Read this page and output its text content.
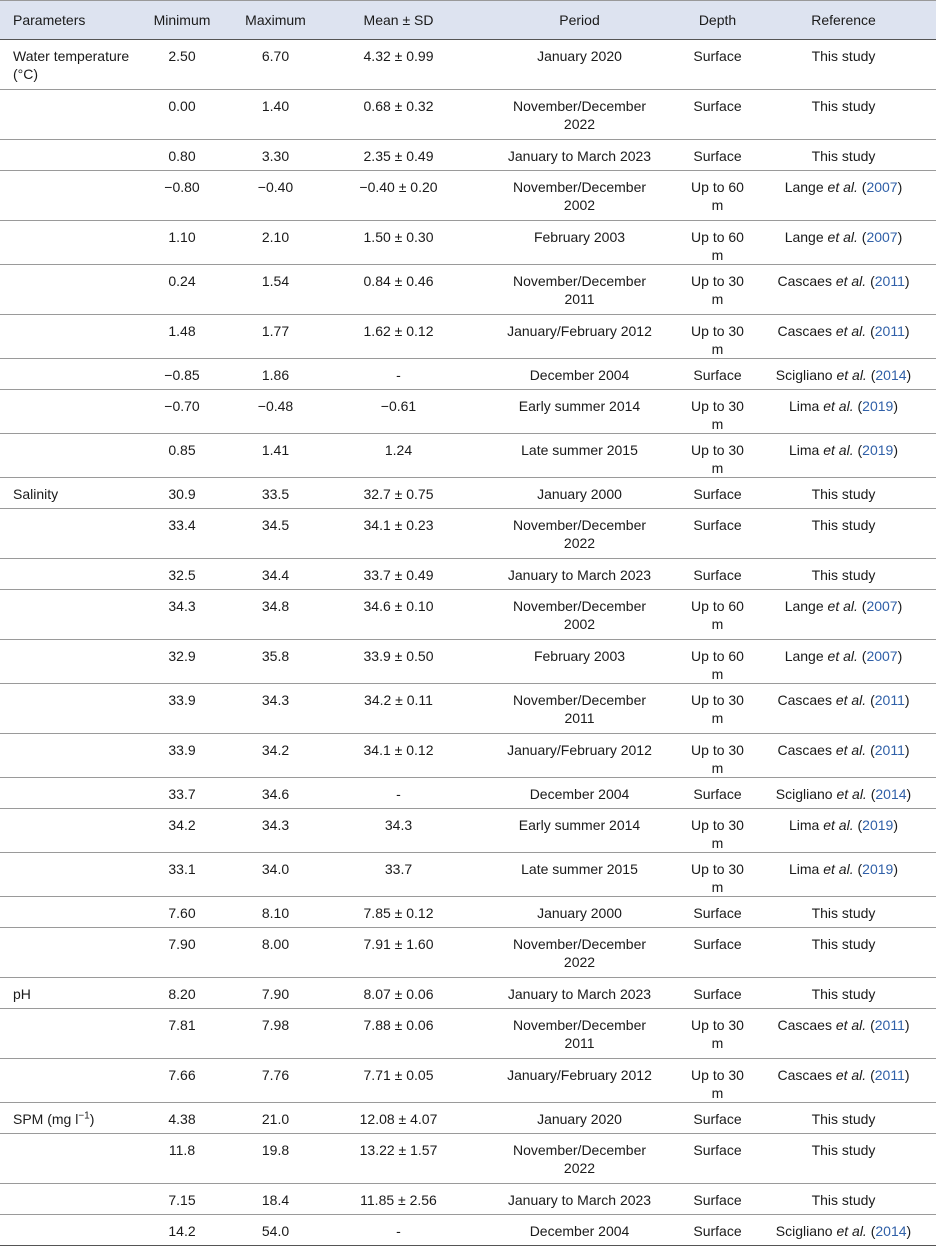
Parameters	Minimum	Maximum	Mean ± SD	Period	Depth	Reference
Water temperature (°C)	2.50	6.70	4.32 ± 0.99	January 2020	Surface	This study
	0.00	1.40	0.68 ± 0.32	November/December 2022	Surface	This study
	0.80	3.30	2.35 ± 0.49	January to March 2023	Surface	This study
	−0.80	−0.40	−0.40 ± 0.20	November/December 2002	Up to 60 m	Lange et al. (2007)
	1.10	2.10	1.50 ± 0.30	February 2003	Up to 60 m	Lange et al. (2007)
	0.24	1.54	0.84 ± 0.46	November/December 2011	Up to 30 m	Cascaes et al. (2011)
	1.48	1.77	1.62 ± 0.12	January/February 2012	Up to 30 m	Cascaes et al. (2011)
	−0.85	1.86	-	December 2004	Surface	Scigliano et al. (2014)
	−0.70	−0.48	−0.61	Early summer 2014	Up to 30 m	Lima et al. (2019)
	0.85	1.41	1.24	Late summer 2015	Up to 30 m	Lima et al. (2019)
Salinity	30.9	33.5	32.7 ± 0.75	January 2000	Surface	This study
	33.4	34.5	34.1 ± 0.23	November/December 2022	Surface	This study
	32.5	34.4	33.7 ± 0.49	January to March 2023	Surface	This study
	34.3	34.8	34.6 ± 0.10	November/December 2002	Up to 60 m	Lange et al. (2007)
	32.9	35.8	33.9 ± 0.50	February 2003	Up to 60 m	Lange et al. (2007)
	33.9	34.3	34.2 ± 0.11	November/December 2011	Up to 30 m	Cascaes et al. (2011)
	33.9	34.2	34.1 ± 0.12	January/February 2012	Up to 30 m	Cascaes et al. (2011)
	33.7	34.6	-	December 2004	Surface	Scigliano et al. (2014)
	34.2	34.3	34.3	Early summer 2014	Up to 30 m	Lima et al. (2019)
	33.1	34.0	33.7	Late summer 2015	Up to 30 m	Lima et al. (2019)
	7.60	8.10	7.85 ± 0.12	January 2000	Surface	This study
	7.90	8.00	7.91 ± 1.60	November/December 2022	Surface	This study
pH	8.20	7.90	8.07 ± 0.06	January to March 2023	Surface	This study
	7.81	7.98	7.88 ± 0.06	November/December 2011	Up to 30 m	Cascaes et al. (2011)
	7.66	7.76	7.71 ± 0.05	January/February 2012	Up to 30 m	Cascaes et al. (2011)
SPM (mg $l^{-1}$)	4.38	21.0	12.08 ± 4.07	January 2020	Surface	This study
	11.8	19.8	13.22 ± 1.57	November/December 2022	Surface	This study
	7.15	18.4	11.85 ± 2.56	January to March 2023	Surface	This study
	14.2	54.0	-	December 2004	Surface	Scigliano et al. (2014)
